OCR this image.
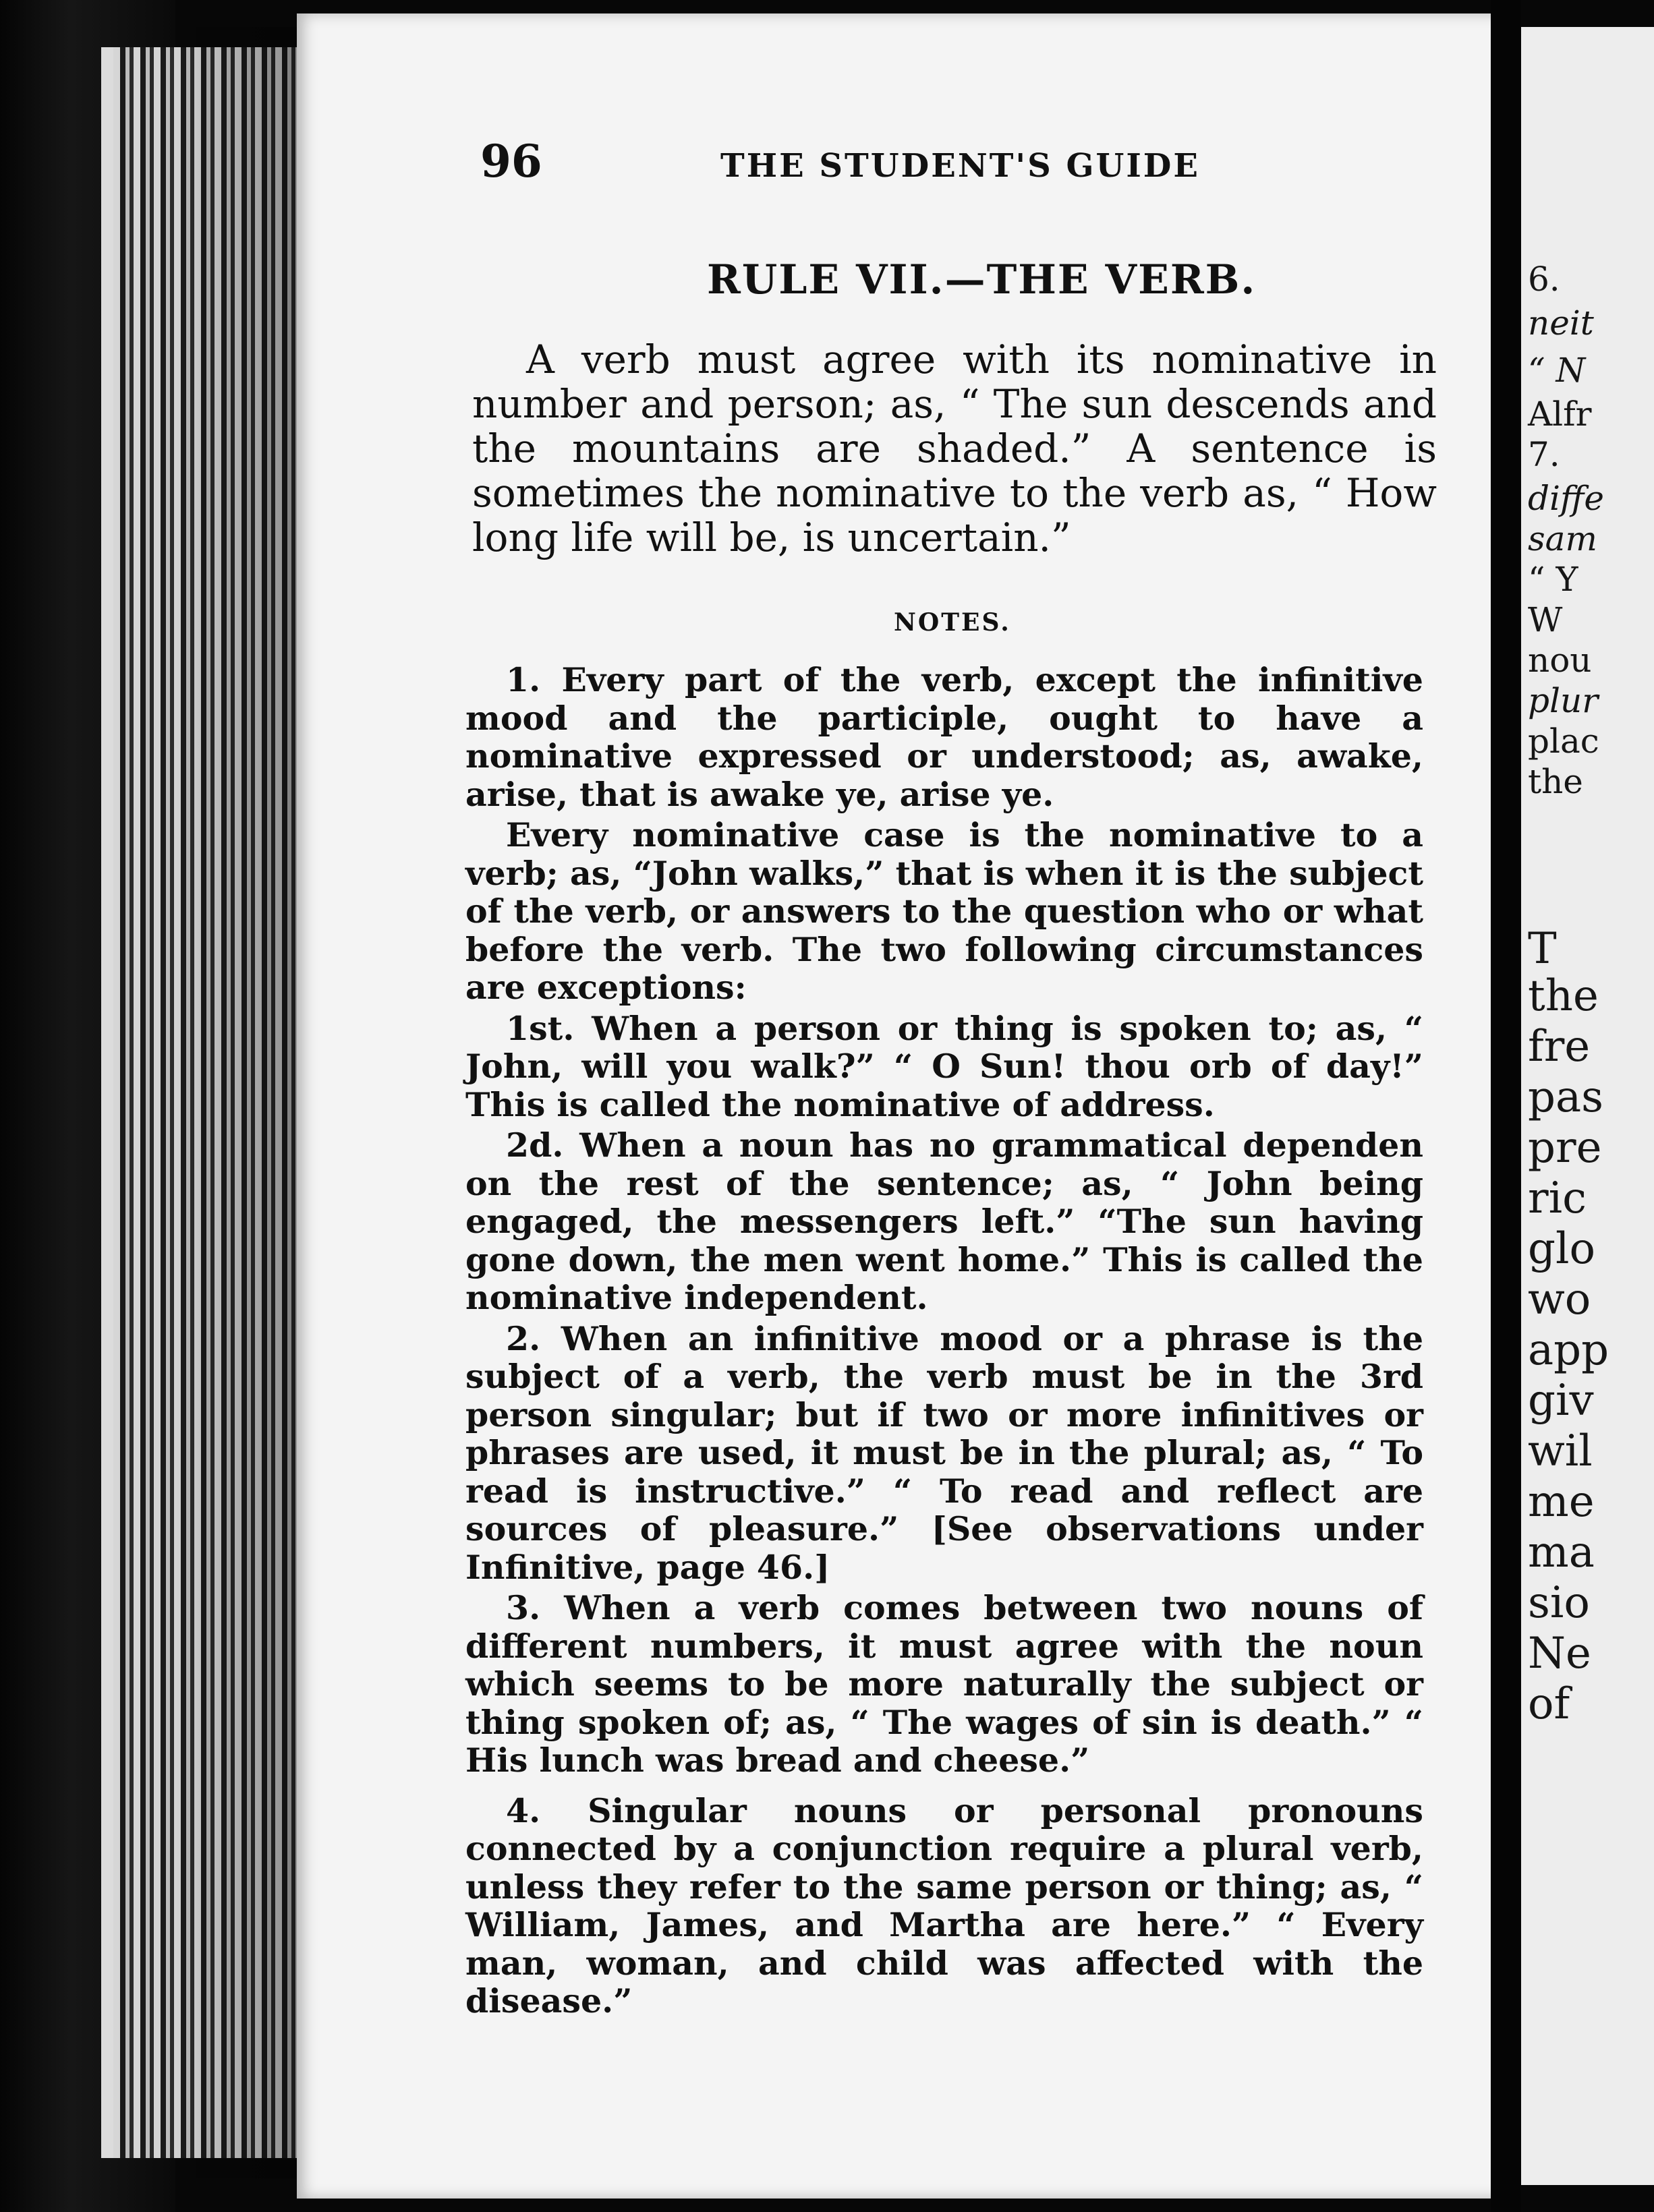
96	THE STUDENT'S GUIDE
RULE VII.—THE VERB.

A verb must agree with its nominative in number and person; as, “ The sun descends and the mountains are shaded.” A sentence is sometimes the nominative to the verb as, “ How long life will be, is uncertain.”

NOTES.

1. Every part of the verb, except the infinitive mood and the participle, ought to have a nominative expressed or understood; as, awake, arise, that is awake ye, arise ye.

Every nominative case is the nominative to a verb; as, “John walks,” that is when it is the subject of the verb, or answers to the question who or what before the verb. The two following circumstances are exceptions:

1st. When a person or thing is spoken to; as, “ John, will you walk?” “ O Sun! thou orb of day!” This is called the nominative of address.

2d. When a noun has no grammatical dependen on the rest of the sentence; as, “ John being engaged, the messengers left.” “The sun having gone down, the men went home.” This is called the nominative independent.

2. When an infinitive mood or a phrase is the subject of a verb, the verb must be in the 3rd person singular; but if two or more infinitives or phrases are used, it must be in the plural; as, “ To read is instructive.” “ To read and reflect are sources of pleasure.” [See observations under Infinitive, page 46.]

3. When a verb comes between two nouns of different numbers, it must agree with the noun which seems to be more naturally the subject or thing spoken of; as, “ The wages of sin is death.” “ His lunch was bread and cheese.”

4. Singular nouns or personal pronouns connected by a conjunction require a plural verb, unless they refer to the same person or thing; as, “ William, James, and Martha are here.” “ Every man, woman, and child was affected with the disease.”

6.
neit
“ N
Alfr
7.
diffe
sam
“ Y
W
nou
plur
plac
the
T
the
fre
pas
pre
ric
glo
wo
app
giv
wil
me
ma
sio
Ne
of
